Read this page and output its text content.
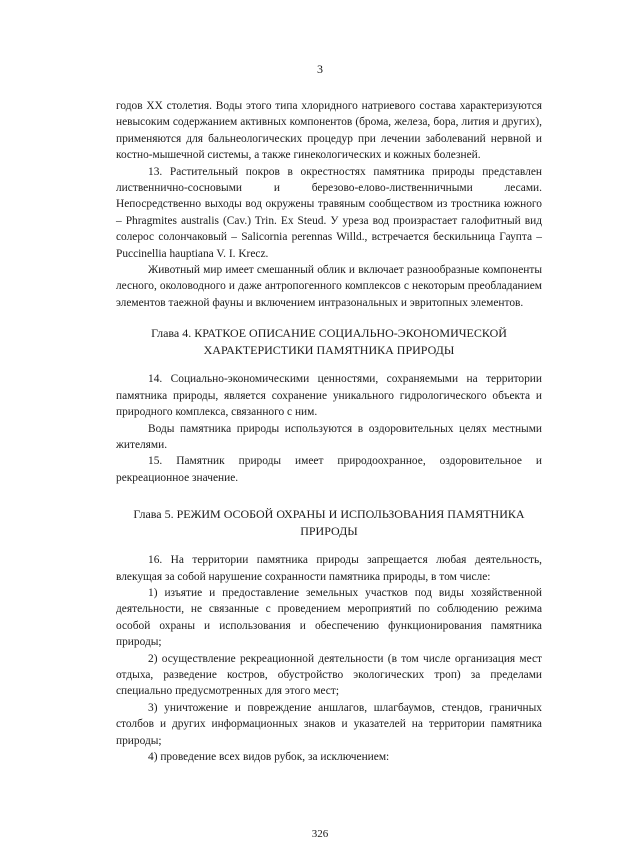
3

годов XX столетия. Воды этого типа хлоридного натриевого состава характеризуются невысоким содержанием активных компонентов (брома, железа, бора, лития и других), применяются для бальнеологических процедур при лечении заболеваний нервной и костно-мышечной системы, а также гинекологических и кожных болезней.

13. Растительный покров в окрестностях памятника природы представлен лиственнично-сосновыми и березово-елово-лиственничными лесами. Непосредственно выходы вод окружены травяным сообществом из тростника южного – Phragmites australis (Cav.) Trin. Ex Steud. У уреза вод произрастает галофитный вид солерос солончаковый – Salicornia perennas Willd., встречается бескильница Гаупта – Puccinellia hauptiana V. I. Krecz.

Животный мир имеет смешанный облик и включает разнообразные компоненты лесного, околоводного и даже антропогенного комплексов с некоторым преобладанием элементов таежной фауны и включением интразональных и эвритопных элементов.

Глава 4. КРАТКОЕ ОПИСАНИЕ СОЦИАЛЬНО-ЭКОНОМИЧЕСКОЙ ХАРАКТЕРИСТИКИ ПАМЯТНИКА ПРИРОДЫ

14. Социально-экономическими ценностями, сохраняемыми на территории памятника природы, является сохранение уникального гидрологического объекта и природного комплекса, связанного с ним.

Воды памятника природы используются в оздоровительных целях местными жителями.

15. Памятник природы имеет природоохранное, оздоровительное и рекреационное значение.

Глава 5. РЕЖИМ ОСОБОЙ ОХРАНЫ И ИСПОЛЬЗОВАНИЯ ПАМЯТНИКА ПРИРОДЫ

16. На территории памятника природы запрещается любая деятельность, влекущая за собой нарушение сохранности памятника природы, в том числе:

1) изъятие и предоставление земельных участков под виды хозяйственной деятельности, не связанные с проведением мероприятий по соблюдению режима особой охраны и использования и обеспечению функционирования памятника природы;

2) осуществление рекреационной деятельности (в том числе организация мест отдыха, разведение костров, обустройство экологических троп) за пределами специально предусмотренных для этого мест;

3) уничтожение и повреждение аншлагов, шлагбаумов, стендов, граничных столбов и других информационных знаков и указателей на территории памятника природы;

4) проведение всех видов рубок, за исключением:

326
